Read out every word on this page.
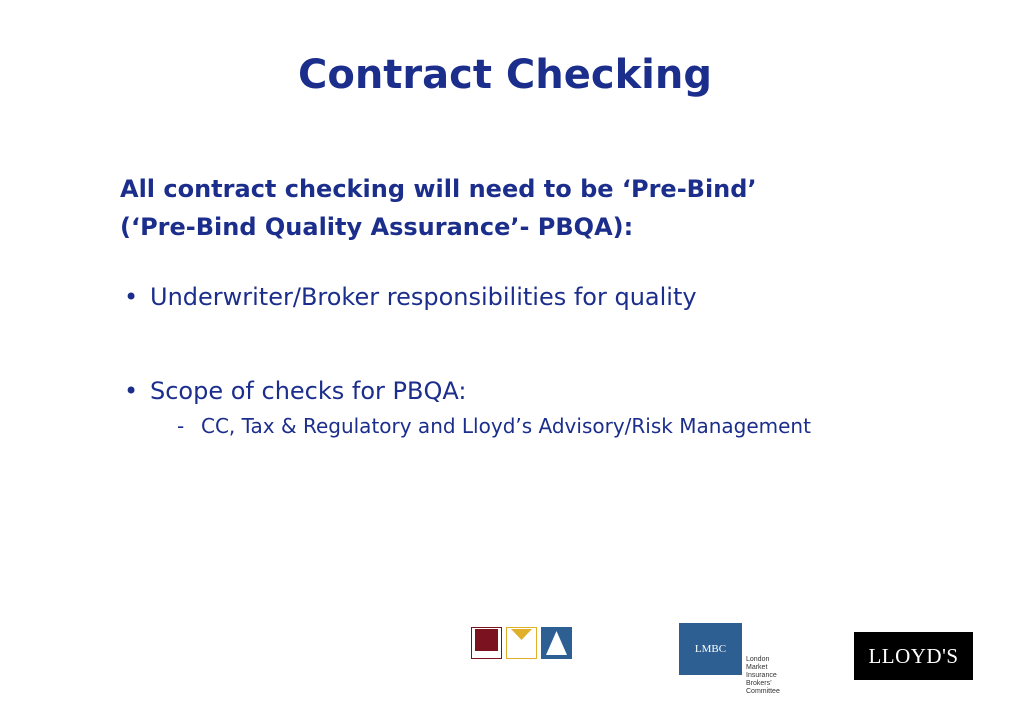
Contract Checking
All contract checking will need to be ‘Pre-Bind’
(‘Pre-Bind Quality Assurance’- PBQA):
• Underwriter/Broker responsibilities for quality
• Scope of checks for PBQA:
- CC, Tax & Regulatory and Lloyd’s Advisory/Risk Management
LMBC
London
Market
Insurance
Brokers’
Committee
LLOYD'S
